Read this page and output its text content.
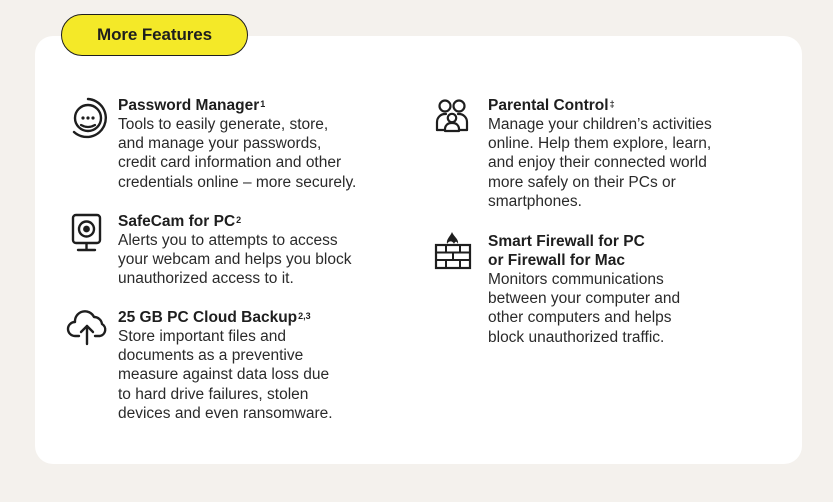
More Features
Password Manager$^1$
Tools to easily generate, store,
and manage your passwords,
credit card information and other
credentials online – more securely.
SafeCam for $PC^2$
Alerts you to attempts to access
your webcam and helps you block
unauthorized access to it.
25 GB PC Cloud Backup$^{2,3}$
Store important files and
documents as a preventive
measure against data loss due
to hard drive failures, stolen
devices and even ransomware.
Parental Control‡
Manage your children’s activities
online. Help them explore, learn,
and enjoy their connected world
more safely on their PCs or
smartphones.
Smart Firewall for PC
or Firewall for Mac
Monitors communications
between your computer and
other computers and helps
block unauthorized traffic.
